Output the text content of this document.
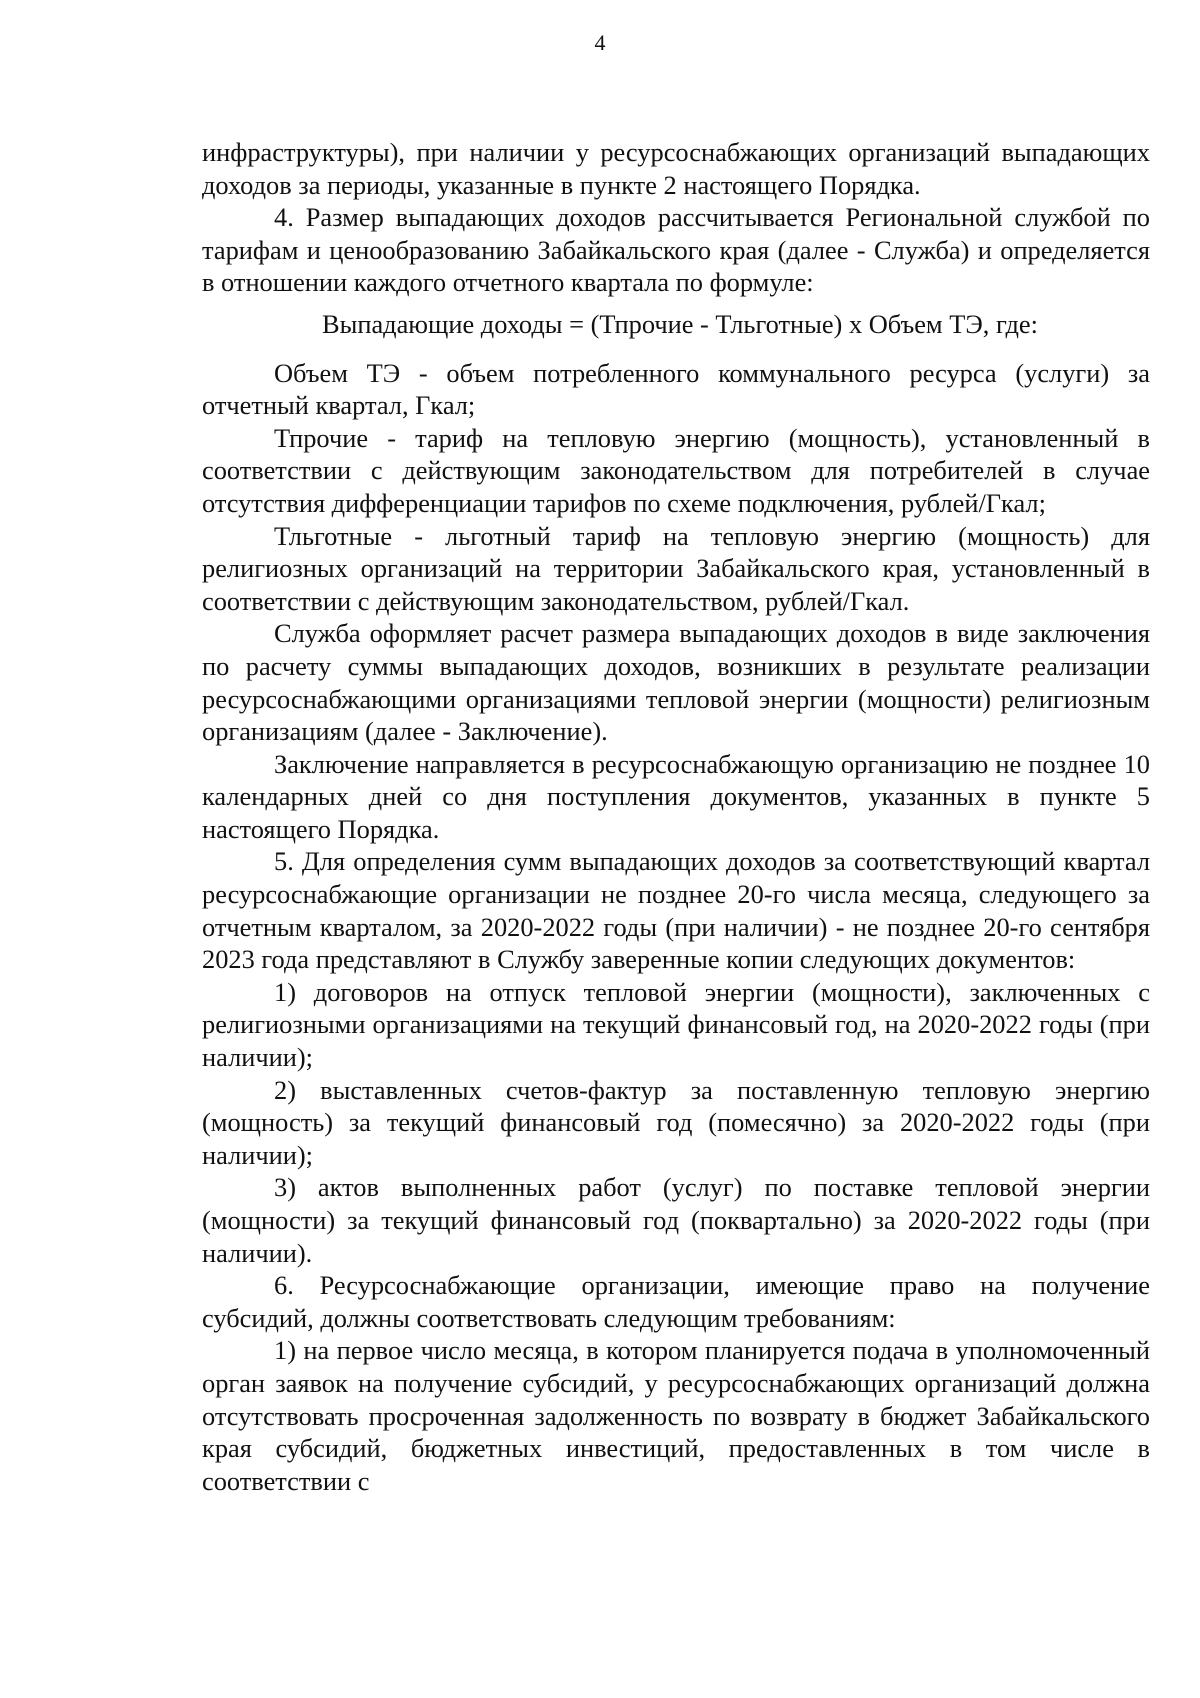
4

инфраструктуры), при наличии у ресурсоснабжающих организаций выпадающих доходов за периоды, указанные в пункте 2 настоящего Порядка.

4. Размер выпадающих доходов рассчитывается Региональной службой по тарифам и ценообразованию Забайкальского края (далее - Служба) и определяется в отношении каждого отчетного квартала по формуле:

Выпадающие доходы = (Тпрочие - Тльготные) x Объем ТЭ, где:

Объем ТЭ - объем потребленного коммунального ресурса (услуги) за отчетный квартал, Гкал;

Тпрочие - тариф на тепловую энергию (мощность), установленный в соответствии с действующим законодательством для потребителей в случае отсутствия дифференциации тарифов по схеме подключения, рублей/Гкал;

Тльготные - льготный тариф на тепловую энергию (мощность) для религиозных организаций на территории Забайкальского края, установленный в соответствии с действующим законодательством, рублей/Гкал.

Служба оформляет расчет размера выпадающих доходов в виде заключения по расчету суммы выпадающих доходов, возникших в результате реализации ресурсоснабжающими организациями тепловой энергии (мощности) религиозным организациям (далее - Заключение).

Заключение направляется в ресурсоснабжающую организацию не позднее 10 календарных дней со дня поступления документов, указанных в пункте 5 настоящего Порядка.

5. Для определения сумм выпадающих доходов за соответствующий квартал ресурсоснабжающие организации не позднее 20-го числа месяца, следующего за отчетным кварталом, за 2020-2022 годы (при наличии) - не позднее 20-го сентября 2023 года представляют в Службу заверенные копии следующих документов:

1) договоров на отпуск тепловой энергии (мощности), заключенных с религиозными организациями на текущий финансовый год, на 2020-2022 годы (при наличии);

2) выставленных счетов-фактур за поставленную тепловую энергию (мощность) за текущий финансовый год (помесячно) за 2020-2022 годы (при наличии);

3) актов выполненных работ (услуг) по поставке тепловой энергии (мощности) за текущий финансовый год (поквартально) за 2020-2022 годы (при наличии).

6. Ресурсоснабжающие организации, имеющие право на получение субсидий, должны соответствовать следующим требованиям:

1) на первое число месяца, в котором планируется подача в уполномоченный орган заявок на получение субсидий, у ресурсоснабжающих организаций должна отсутствовать просроченная задолженность по возврату в бюджет Забайкальского края субсидий, бюджетных инвестиций, предоставленных в том числе в соответствии с
